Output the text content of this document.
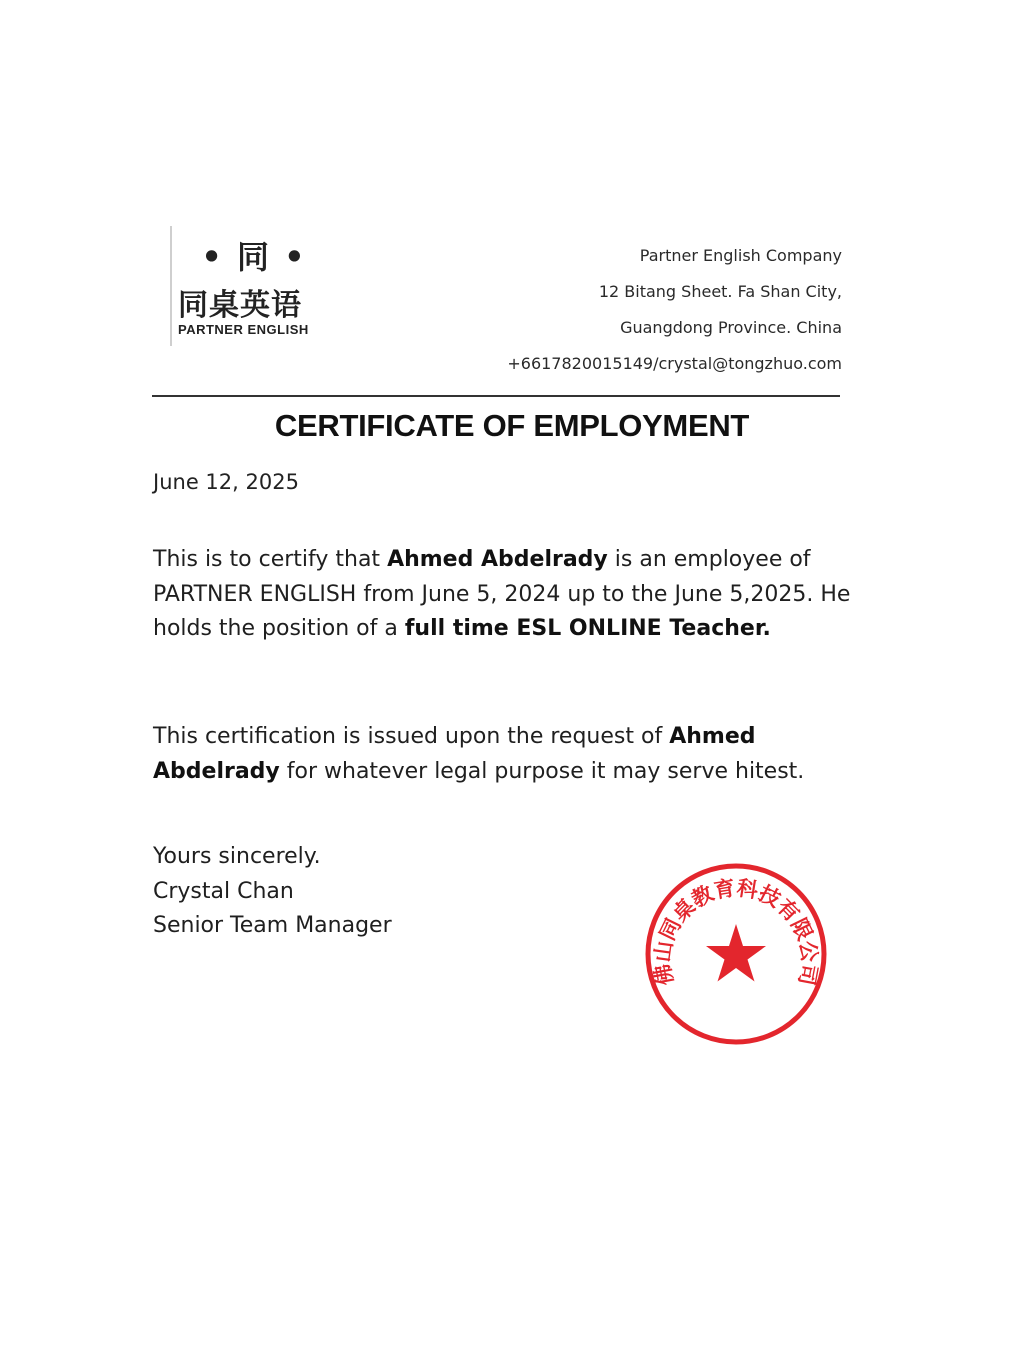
• 同 •
同桌英语
PARTNER ENGLISH
Partner English Company
12 Bitang Sheet. Fa Shan City,
Guangdong Province. China
+6617820015149/crystal@tongzhuo.com
CERTIFICATE OF EMPLOYMENT
June 12, 2025
This is to certify that Ahmed Abdelrady is an employee of PARTNER ENGLISH from June 5, 2024 up to the June 5,2025. He holds the position of a full time ESL ONLINE Teacher.
This certification is issued upon the request of Ahmed Abdelrady for whatever legal purpose it may serve hitest.
Yours sincerely.
Crystal Chan
Senior Team Manager
佛山同桌教育科技有限公司
